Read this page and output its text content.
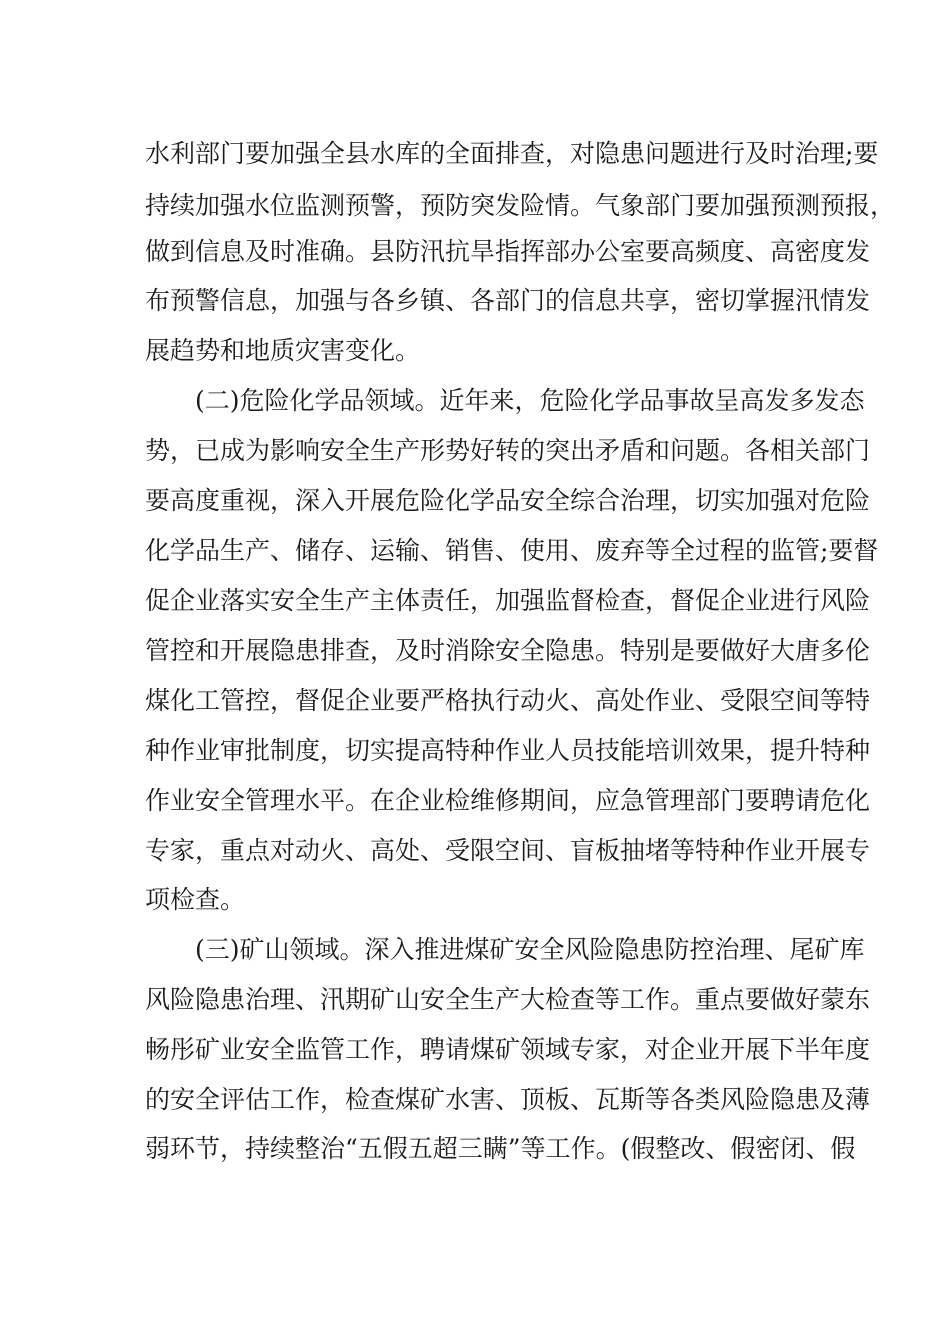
水利部门要加强全县水库的全面排查，对隐患问题进行及时治理;要
持续加强水位监测预警，预防突发险情。气象部门要加强预测预报，
做到信息及时准确。县防汛抗旱指挥部办公室要高频度、高密度发
布预警信息，加强与各乡镇、各部门的信息共享，密切掌握汛情发
展趋势和地质灾害变化。
(二)危险化学品领域。近年来，危险化学品事故呈高发多发态
势，已成为影响安全生产形势好转的突出矛盾和问题。各相关部门
要高度重视，深入开展危险化学品安全综合治理，切实加强对危险
化学品生产、储存、运输、销售、使用、废弃等全过程的监管;要督
促企业落实安全生产主体责任，加强监督检查，督促企业进行风险
管控和开展隐患排查，及时消除安全隐患。特别是要做好大唐多伦
煤化工管控，督促企业要严格执行动火、高处作业、受限空间等特
种作业审批制度，切实提高特种作业人员技能培训效果，提升特种
作业安全管理水平。在企业检维修期间，应急管理部门要聘请危化
专家，重点对动火、高处、受限空间、盲板抽堵等特种作业开展专
项检查。
(三)矿山领域。深入推进煤矿安全风险隐患防控治理、尾矿库
风险隐患治理、汛期矿山安全生产大检查等工作。重点要做好蒙东
畅彤矿业安全监管工作，聘请煤矿领域专家，对企业开展下半年度
的安全评估工作，检查煤矿水害、顶板、瓦斯等各类风险隐患及薄
弱环节，持续整治“五假五超三瞒”等工作。(假整改、假密闭、假
